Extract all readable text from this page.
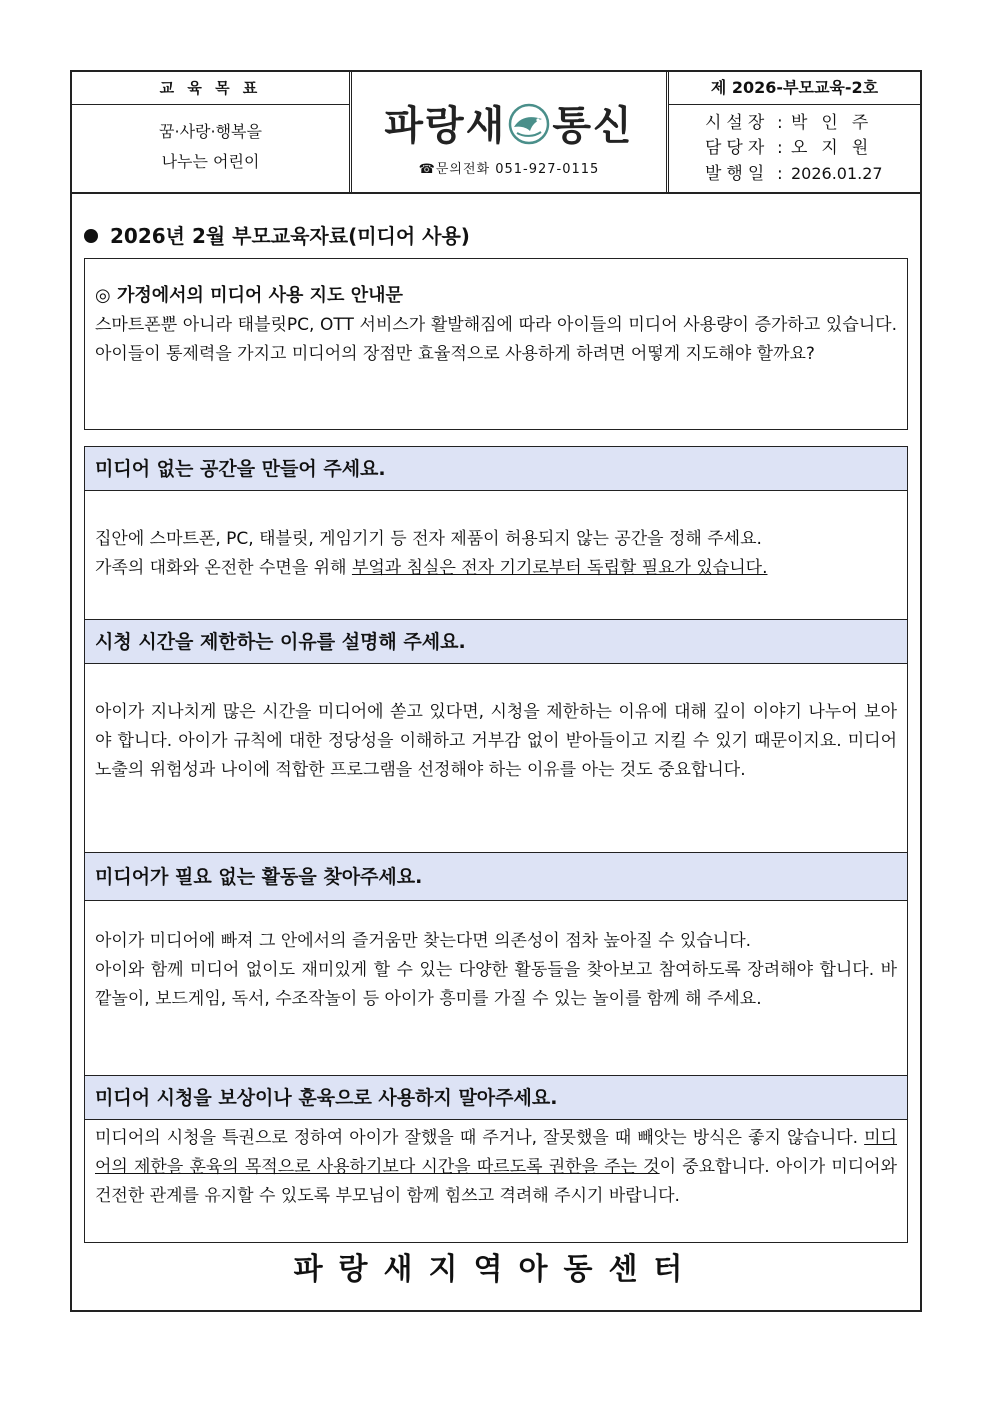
교 육 목 표
꿈·사랑·행복을
나누는 어린이
파랑새 통신
☎문의전화 051-927-0115
제 2026-부모교육-2호
시설장 : 박인주
담당자 : 오지원
발행일 : 2026.01.27
2026년 2월 부모교육자료(미디어 사용)
◎ 가정에서의 미디어 사용 지도 안내문
스마트폰뿐 아니라 태블릿PC, OTT 서비스가 활발해짐에 따라 아이들의 미디어 사용량이 증가하고 있습니다. 아이들이 통제력을 가지고 미디어의 장점만 효율적으로 사용하게 하려면 어떻게 지도해야 할까요?
미디어 없는 공간을 만들어 주세요.
집안에 스마트폰, PC, 태블릿, 게임기기 등 전자 제품이 허용되지 않는 공간을 정해 주세요.
가족의 대화와 온전한 수면을 위해 부엌과 침실은 전자 기기로부터 독립할 필요가 있습니다.
시청 시간을 제한하는 이유를 설명해 주세요.
아이가 지나치게 많은 시간을 미디어에 쏟고 있다면, 시청을 제한하는 이유에 대해 깊이 이야기 나누어 보아야 합니다. 아이가 규칙에 대한 정당성을 이해하고 거부감 없이 받아들이고 지킬 수 있기 때문이지요. 미디어 노출의 위험성과 나이에 적합한 프로그램을 선정해야 하는 이유를 아는 것도 중요합니다.
미디어가 필요 없는 활동을 찾아주세요.
아이가 미디어에 빠져 그 안에서의 즐거움만 찾는다면 의존성이 점차 높아질 수 있습니다.
아이와 함께 미디어 없이도 재미있게 할 수 있는 다양한 활동들을 찾아보고 참여하도록 장려해야 합니다. 바깥놀이, 보드게임, 독서, 수조작놀이 등 아이가 흥미를 가질 수 있는 놀이를 함께 해 주세요.
미디어 시청을 보상이나 훈육으로 사용하지 말아주세요.
미디어의 시청을 특권으로 정하여 아이가 잘했을 때 주거나, 잘못했을 때 빼앗는 방식은 좋지 않습니다. 미디어의 제한을 훈육의 목적으로 사용하기보다 시간을 따르도록 권한을 주는 것이 중요합니다. 아이가 미디어와 건전한 관계를 유지할 수 있도록 부모님이 함께 힘쓰고 격려해 주시기 바랍니다.
파랑새지역아동센터
